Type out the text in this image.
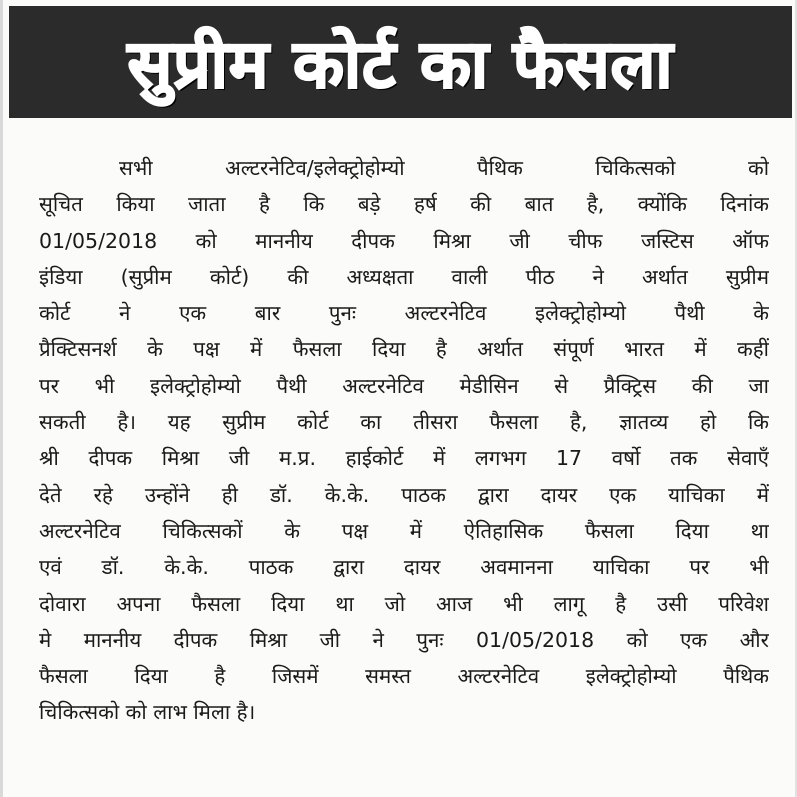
सुप्रीम कोर्ट का फैसला
सभी अल्टरनेटिव/इलेक्ट्रोहोम्यो पैथिक चिकित्सको को
सूचित किया जाता है कि बड़े हर्ष की बात है, क्योंकि दिनांक
01/05/2018 को माननीय दीपक मिश्रा जी चीफ जस्टिस ऑफ
इंडिया (सुप्रीम कोर्ट) की अध्यक्षता वाली पीठ ने अर्थात सुप्रीम
कोर्ट ने एक बार पुनः अल्टरनेटिव इलेक्ट्रोहोम्यो पैथी के
प्रैक्टिसनर्श के पक्ष में फैसला दिया है अर्थात संपूर्ण भारत में कहीं
पर भी इलेक्ट्रोहोम्यो पैथी अल्टरनेटिव मेडीसिन से प्रैक्ट्रिस की जा
सकती है। यह सुप्रीम कोर्ट का तीसरा फैसला है, ज्ञातव्य हो कि
श्री दीपक मिश्रा जी म.प्र. हाईकोर्ट में लगभग 17 वर्षो तक सेवाएँ
देते रहे उन्होंने ही डॉ. के.के. पाठक द्वारा दायर एक याचिका में
अल्टरनेटिव चिकित्सकों के पक्ष में ऐतिहासिक फैसला दिया था
एवं डॉ. के.के. पाठक द्वारा दायर अवमानना याचिका पर भी
दोवारा अपना फैसला दिया था जो आज भी लागू है उसी परिवेश
मे माननीय दीपक मिश्रा जी ने पुनः 01/05/2018 को एक और
फैसला दिया है जिसमें समस्त अल्टरनेटिव इलेक्ट्रोहोम्यो पैथिक
चिकित्सको को लाभ मिला है।
